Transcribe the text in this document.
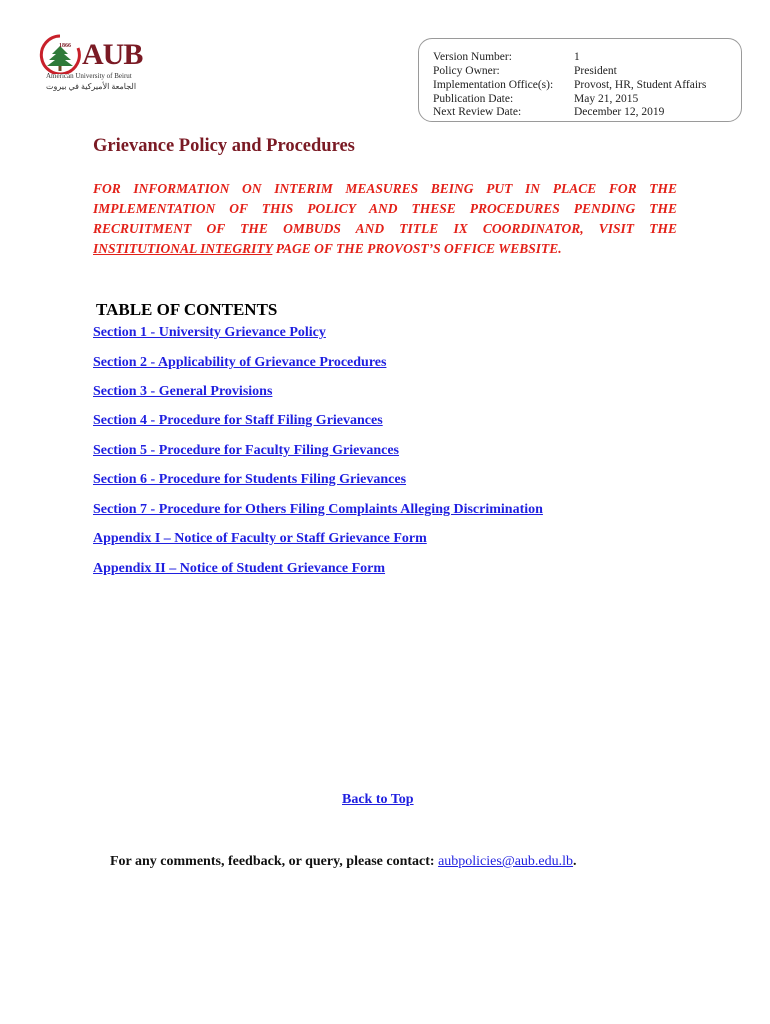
1866 AUB
American University of Beirut
الجامعة الأميركية في بيروت
Version Number:	1
Policy Owner:	President
Implementation Office(s): Provost, HR, Student Affairs
Publication Date:	May 21, 2015
Next Review Date:	December 12, 2019
Grievance Policy and Procedures
FOR INFORMATION ON INTERIM MEASURES BEING PUT IN PLACE FOR THE IMPLEMENTATION OF THIS POLICY AND THESE PROCEDURES PENDING THE RECRUITMENT OF THE OMBUDS AND TITLE IX COORDINATOR, VISIT THE INSTITUTIONAL INTEGRITY PAGE OF THE PROVOST’S OFFICE WEBSITE.
TABLE OF CONTENTS
Section 1 - University Grievance Policy
Section 2 - Applicability of Grievance Procedures
Section 3 - General Provisions
Section 4 - Procedure for Staff Filing Grievances
Section 5 - Procedure for Faculty Filing Grievances
Section 6 - Procedure for Students Filing Grievances
Section 7 - Procedure for Others Filing Complaints Alleging Discrimination
Appendix I – Notice of Faculty or Staff Grievance Form
Appendix II – Notice of Student Grievance Form
Back to Top
For any comments, feedback, or query, please contact: aubpolicies@aub.edu.lb.
